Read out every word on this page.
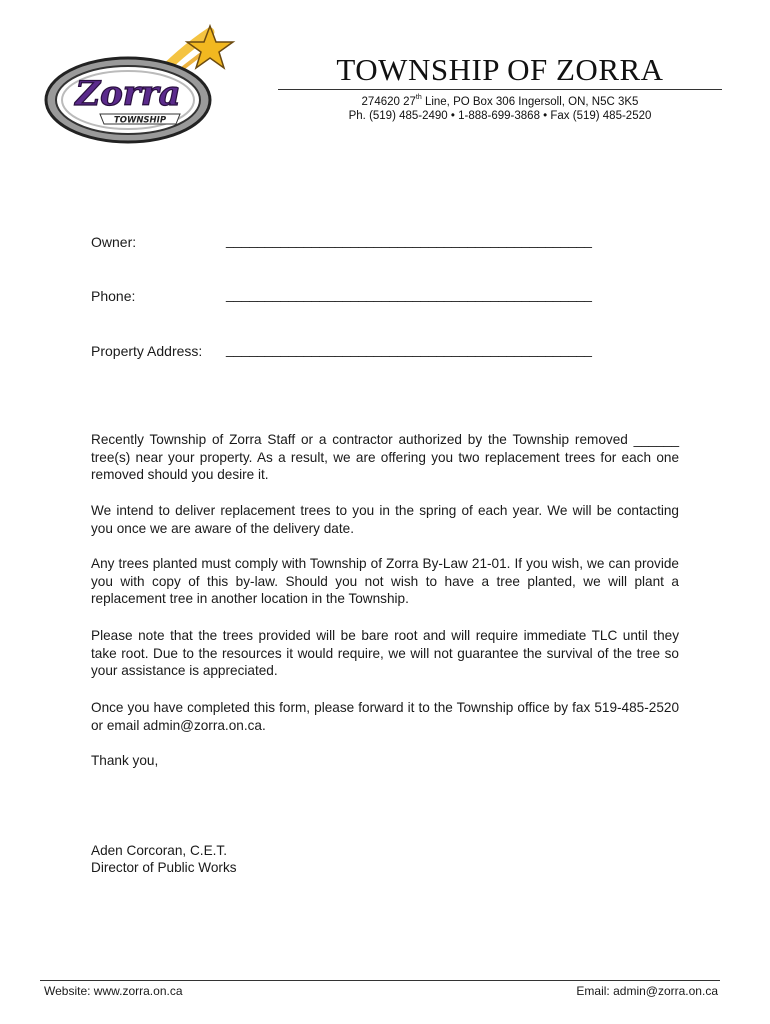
Zorra
TOWNSHIP
TOWNSHIP OF ZORRA
274620 27th Line, PO Box 306 Ingersoll, ON, N5C 3K5
Ph. (519) 485-2490 • 1-888-699-3868 • Fax (519) 485-2520
Owner:	_______________________________________________
Phone:	_______________________________________________
Property Address: _______________________________________________
Recently Township of Zorra Staff or a contractor authorized by the Township removed ______ tree(s) near your property. As a result, we are offering you two replacement trees for each one removed should you desire it.
We intend to deliver replacement trees to you in the spring of each year. We will be contacting you once we are aware of the delivery date.
Any trees planted must comply with Township of Zorra By-Law 21-01. If you wish, we can provide you with copy of this by-law. Should you not wish to have a tree planted, we will plant a replacement tree in another location in the Township.
Please note that the trees provided will be bare root and will require immediate TLC until they take root. Due to the resources it would require, we will not guarantee the survival of the tree so your assistance is appreciated.
Once you have completed this form, please forward it to the Township office by fax 519-485-2520 or email admin@zorra.on.ca.
Thank you,
Aden Corcoran, C.E.T.
Director of Public Works
Website: www.zorra.on.ca	Email: admin@zorra.on.ca
